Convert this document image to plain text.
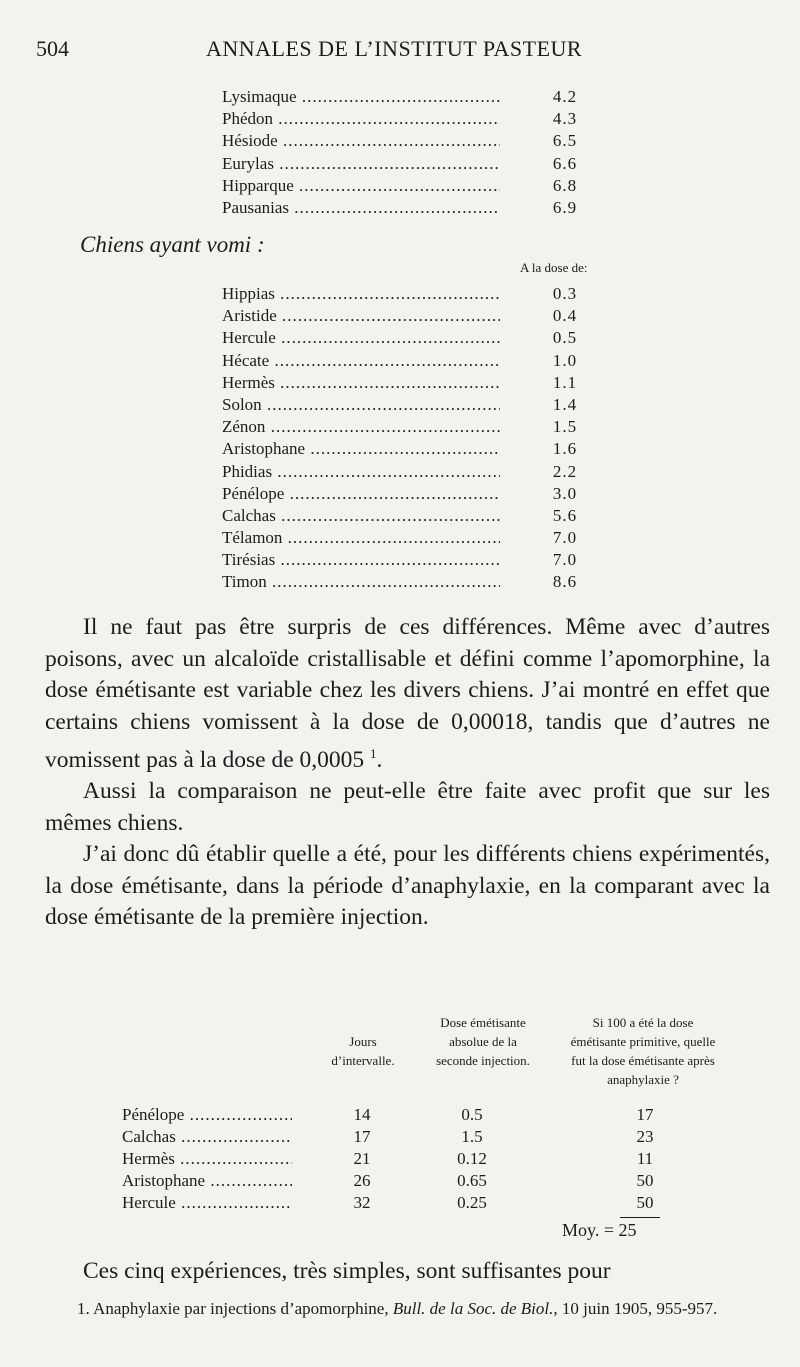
504	ANNALES DE L’INSTITUT PASTEUR
Lysimaque .....	4.2
Phédon .....	4.3
Hésiode .....	6.5
Eurylas .....	6.6
Hipparque .....	6.8
Pausanias .....	6.9
Chiens ayant vomi :
A la dose de:
Hippias .....	0.3
Aristide .....	0.4
Hercule .....	0.5
Hécate .....	1.0
Hermès .....	1.1
Solon .....	1.4
Zénon .....	1.5
Aristophane .....	1.6
Phidias .....	2.2
Pénélope .....	3.0
Calchas .....	5.6
Télamon .....	7.0
Tirésias .....	7.0
Timon .....	8.6

Il ne faut pas être surpris de ces différences. Même avec d’autres poisons, avec un alcaloïde cristallisable et défini comme l’apomorphine, la dose émétisante est variable chez les divers chiens. J’ai montré en effet que certains chiens vomissent à la dose de 0,00018, tandis que d’autres ne vomissent pas à la dose de 0,0005 $^1$.

Aussi la comparaison ne peut-elle être faite avec profit que sur les mêmes chiens.

J’ai donc dû établir quelle a été, pour les différents chiens expérimentés, la dose émétisante, dans la période d’anaphylaxie, en la comparant avec la dose émétisante de la première injection.

Jours d’intervalle.
Dose émétisante absolue de la seconde injection.
Si 100 a été la dose émétisante primitive, quelle fut la dose émétisante après anaphylaxie ?
Pénélope .....	14	0.5	17
Calchas .....	17	1.5	23
Hermès .....	21	0.12	11
Aristophane .....	26	0.65	50
Hercule .....	32	0.25	50
Moy. = 25

Ces cinq expériences, très simples, sont suffisantes pour

1. Anaphylaxie par injections d’apomorphine, Bull. de la Soc. de Biol., 10 juin 1905, 955-957.
